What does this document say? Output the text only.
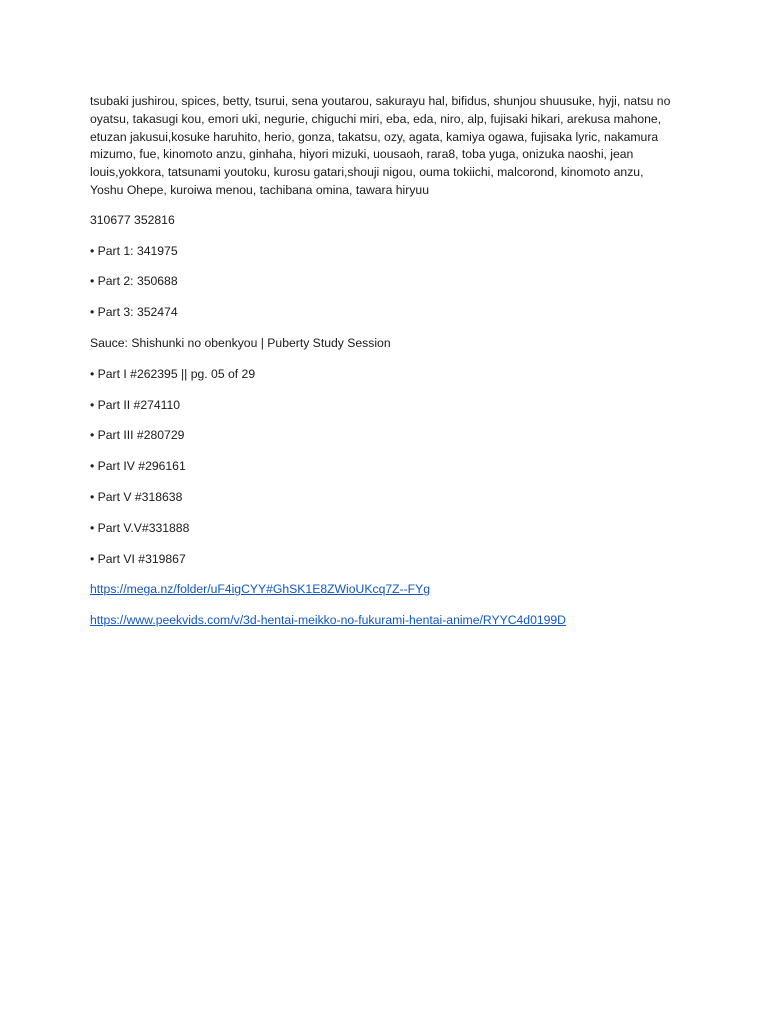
tsubaki jushirou, spices, betty, tsurui, sena youtarou, sakurayu hal, bifidus, shunjou shuusuke, hyji, natsu no oyatsu, takasugi kou, emori uki, negurie, chiguchi miri, eba, eda, niro, alp, fujisaki hikari, arekusa mahone, etuzan jakusui,kosuke haruhito, herio, gonza, takatsu, ozy, agata, kamiya ogawa, fujisaka lyric, nakamura mizumo, fue, kinomoto anzu, ginhaha, hiyori mizuki, uousaoh, rara8, toba yuga, onizuka naoshi, jean louis,yokkora, tatsunami youtoku, kurosu gatari,shouji nigou, ouma tokiichi, malcorond, kinomoto anzu, Yoshu Ohepe, kuroiwa menou, tachibana omina, tawara hiryuu

310677 352816

• Part 1: 341975

• Part 2: 350688

• Part 3: 352474

Sauce: Shishunki no obenkyou | Puberty Study Session

• Part I #262395 || pg. 05 of 29

• Part II #274110

• Part III #280729

• Part IV #296161

• Part V #318638

• Part V.V#331888

• Part VI #319867

https://mega.nz/folder/uF4igCYY#GhSK1E8ZWioUKcq7Z--FYg

https://www.peekvids.com/v/3d-hentai-meikko-no-fukurami-hentai-anime/RYYC4d0199D
